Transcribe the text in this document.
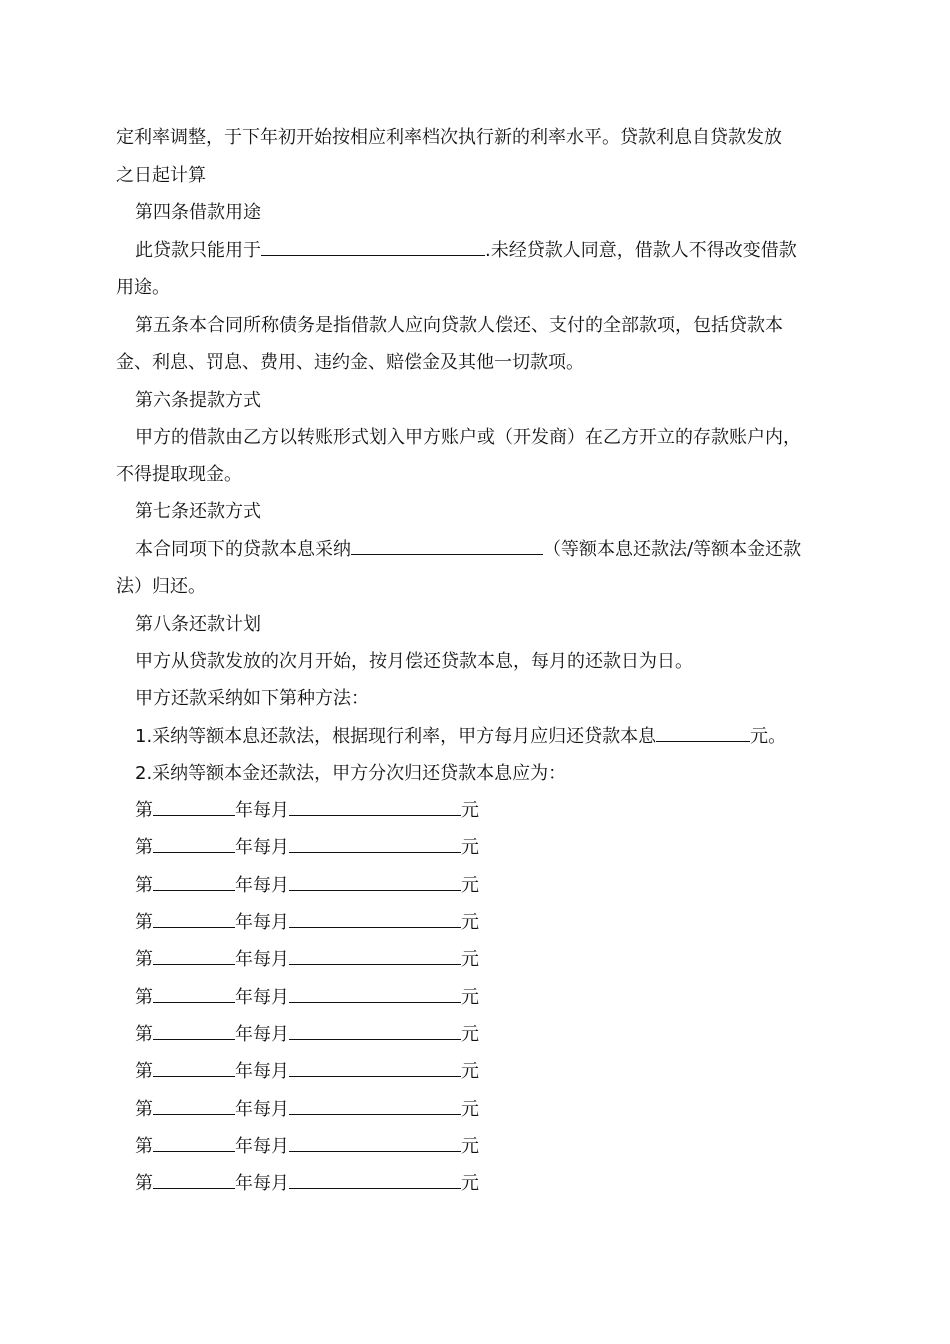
定利率调整，于下年初开始按相应利率档次执行新的利率水平。贷款利息自贷款发放

之日起计算

第四条借款用途

此贷款只能用于	.未经贷款人同意，借款人不得改变借款

用途。

第五条本合同所称债务是指借款人应向贷款人偿还、支付的全部款项，包括贷款本

金、利息、罚息、费用、违约金、赔偿金及其他一切款项。

第六条提款方式

甲方的借款由乙方以转账形式划入甲方账户或（开发商）在乙方开立的存款账户内，

不得提取现金。

第七条还款方式

本合同项下的贷款本息采纳	（等额本息还款法/等额本金还款

法）归还。

第八条还款计划

甲方从贷款发放的次月开始，按月偿还贷款本息，每月的还款日为日。

甲方还款采纳如下第种方法：

1.采纳等额本息还款法，根据现行利率，甲方每月应归还贷款本息	元。

2.采纳等额本金还款法，甲方分次归还贷款本息应为：

第	年每月	元

第	年每月	元

第	年每月	元

第	年每月	元

第	年每月	元

第	年每月	元

第	年每月	元

第	年每月	元

第	年每月	元

第	年每月	元

第	年每月	元
